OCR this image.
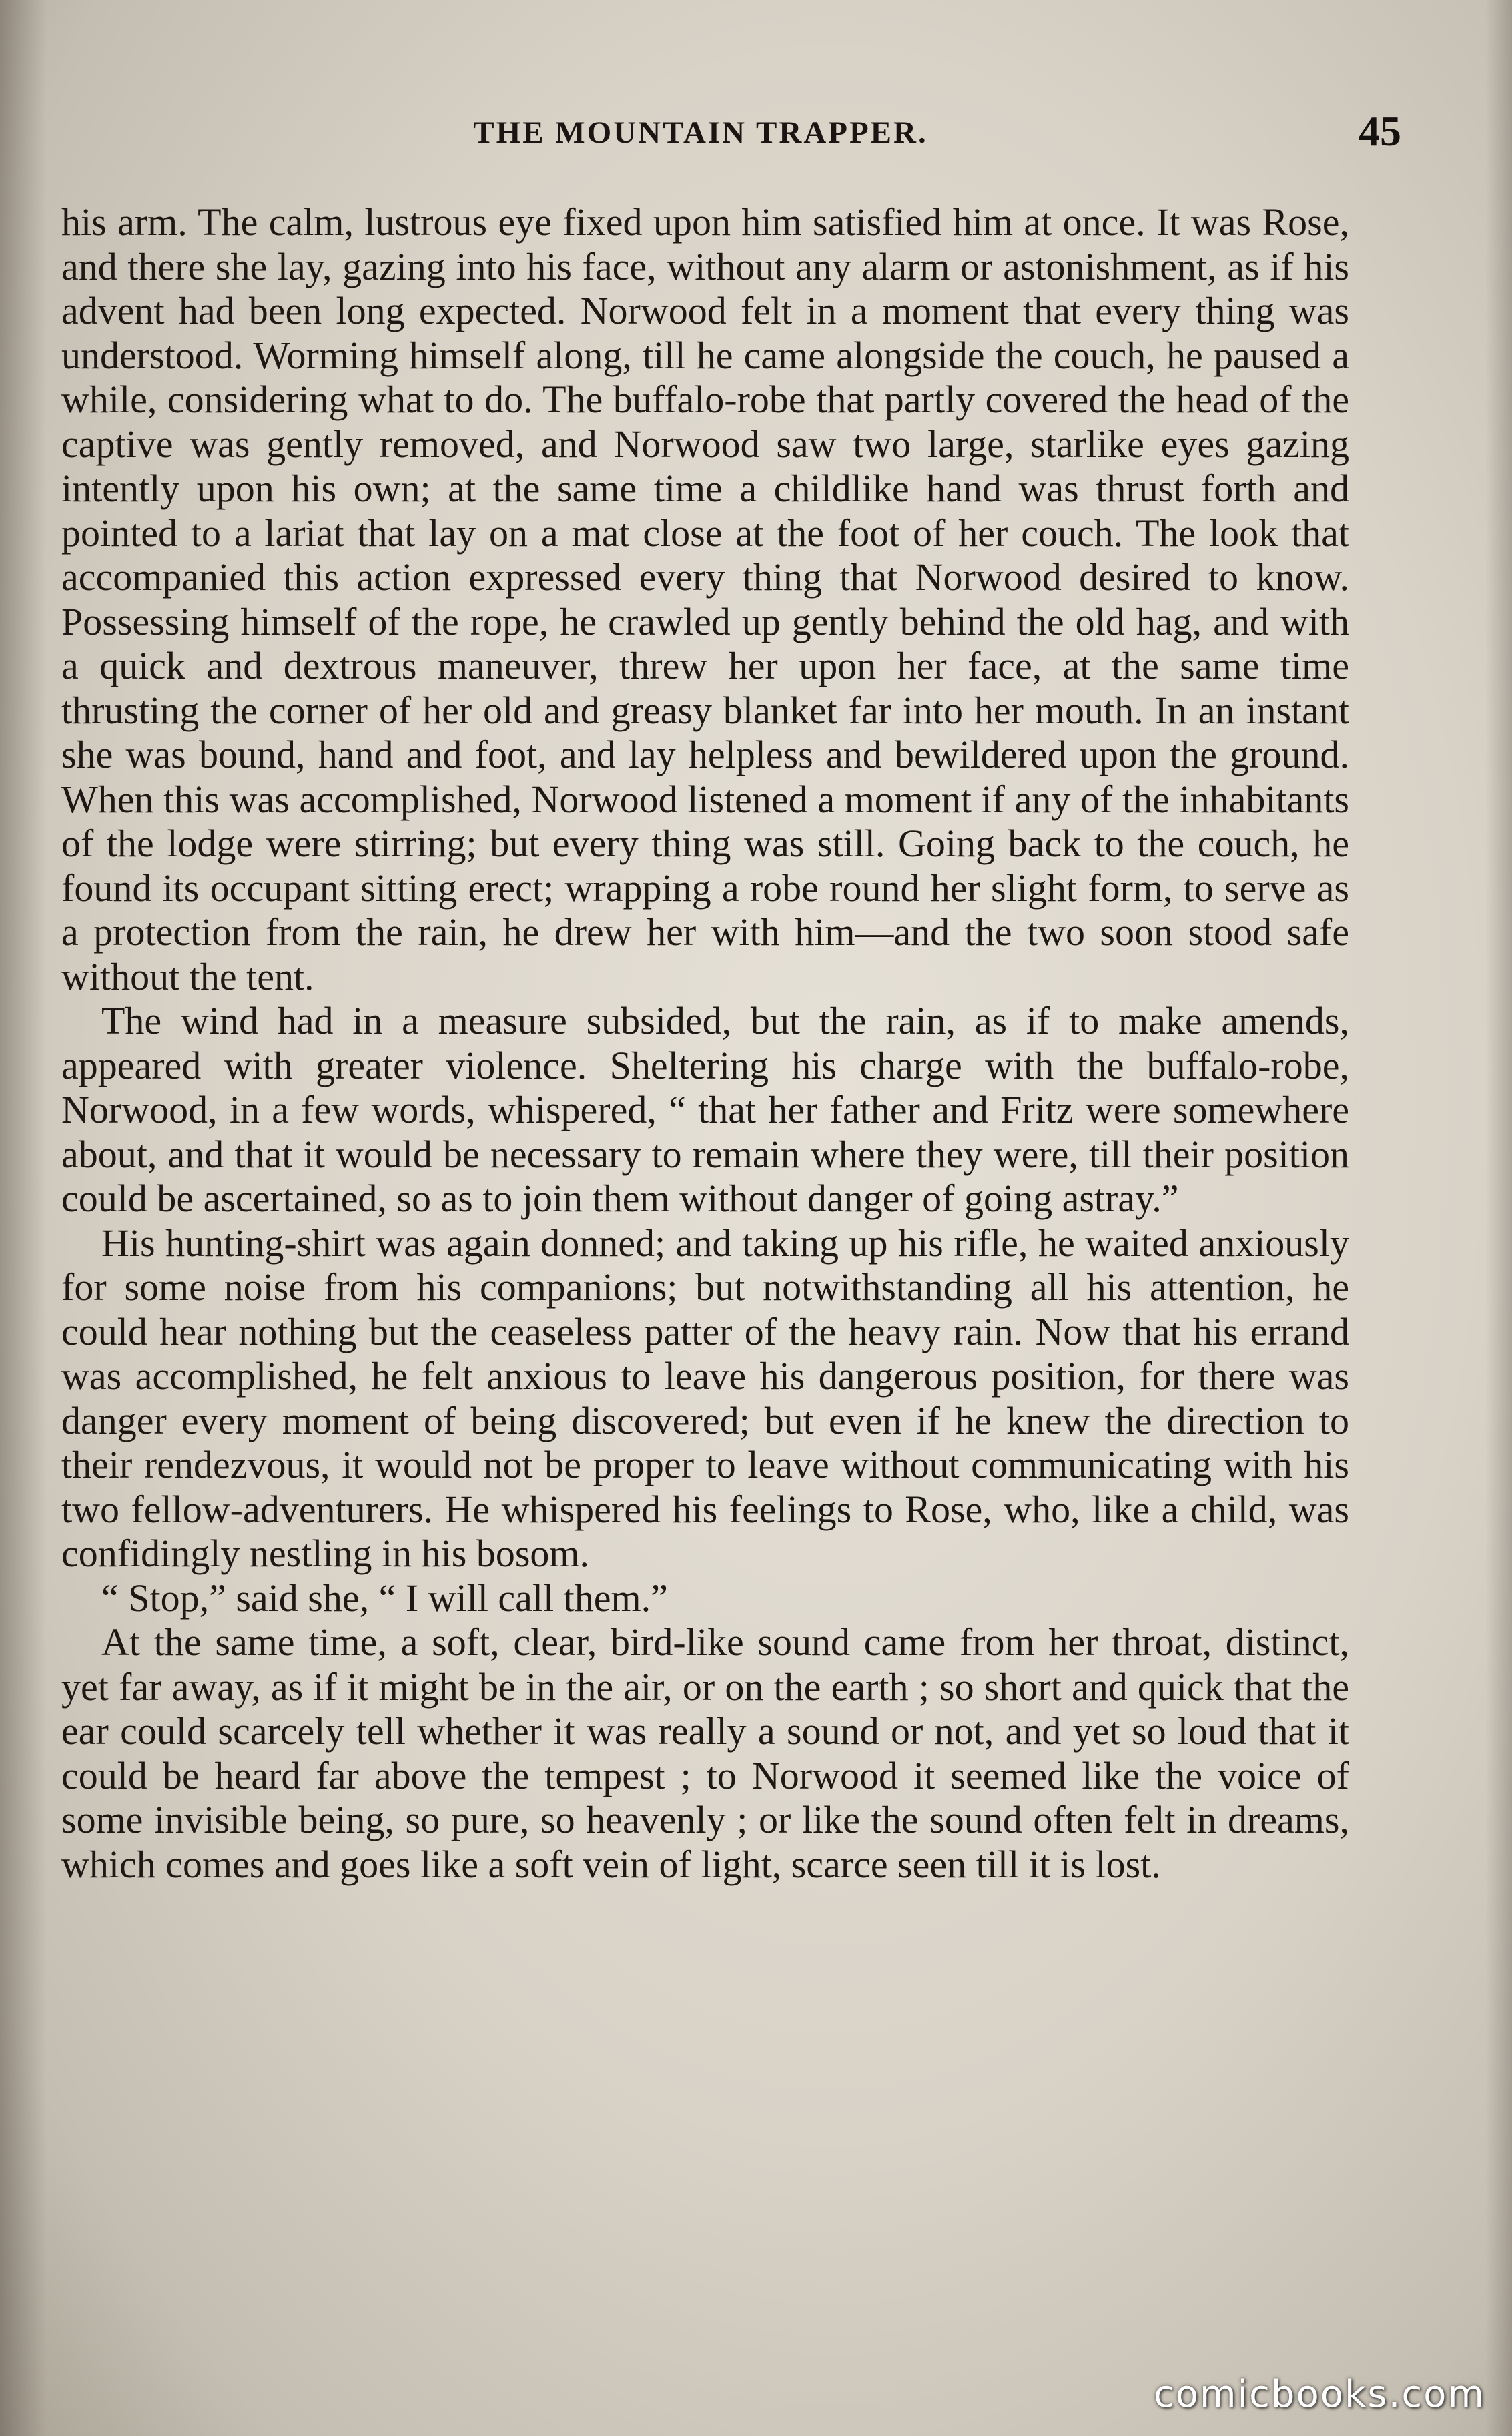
THE MOUNTAIN TRAPPER.	45

his arm. The calm, lustrous eye fixed upon him satisfied him at once. It was Rose, and there she lay, gazing into his face, without any alarm or astonishment, as if his advent had been long expected. Norwood felt in a moment that every thing was understood. Worming himself along, till he came alongside the couch, he paused a while, considering what to do. The buffalo-robe that partly covered the head of the captive was gently removed, and Norwood saw two large, starlike eyes gazing intently upon his own; at the same time a childlike hand was thrust forth and pointed to a lariat that lay on a mat close at the foot of her couch. The look that accompanied this action expressed every thing that Norwood desired to know. Possessing himself of the rope, he crawled up gently behind the old hag, and with a quick and dextrous maneuver, threw her upon her face, at the same time thrusting the corner of her old and greasy blanket far into her mouth. In an instant she was bound, hand and foot, and lay helpless and bewildered upon the ground. When this was accomplished, Norwood listened a moment if any of the inhabitants of the lodge were stirring; but every thing was still. Going back to the couch, he found its occupant sitting erect; wrapping a robe round her slight form, to serve as a protection from the rain, he drew her with him—and the two soon stood safe without the tent.

The wind had in a measure subsided, but the rain, as if to make amends, appeared with greater violence. Sheltering his charge with the buffalo-robe, Norwood, in a few words, whispered, “ that her father and Fritz were somewhere about, and that it would be necessary to remain where they were, till their position could be ascertained, so as to join them without danger of going astray.”

His hunting-shirt was again donned; and taking up his rifle, he waited anxiously for some noise from his companions; but notwithstanding all his attention, he could hear nothing but the ceaseless patter of the heavy rain. Now that his errand was accomplished, he felt anxious to leave his dangerous position, for there was danger every moment of being discovered; but even if he knew the direction to their rendezvous, it would not be proper to leave without communicating with his two fellow-adventurers. He whispered his feelings to Rose, who, like a child, was confidingly nestling in his bosom.

“ Stop,” said she, “ I will call them.”

At the same time, a soft, clear, bird-like sound came from her throat, distinct, yet far away, as if it might be in the air, or on the earth ; so short and quick that the ear could scarcely tell whether it was really a sound or not, and yet so loud that it could be heard far above the tempest ; to Norwood it seemed like the voice of some invisible being, so pure, so heavenly ; or like the sound often felt in dreams, which comes and goes like a soft vein of light, scarce seen till it is lost.

comicbooks.com
